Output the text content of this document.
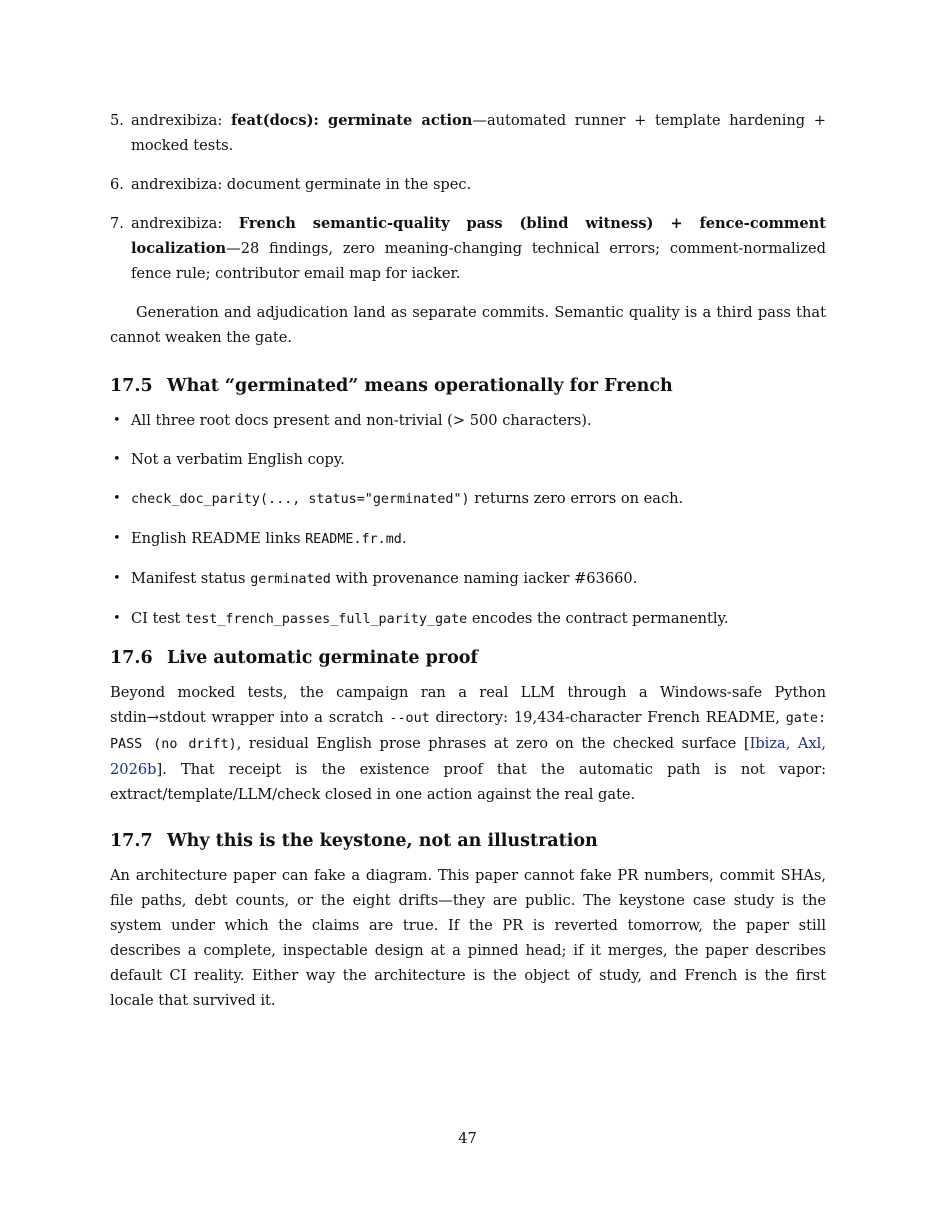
5. andrexibiza: feat(docs): germinate action—automated runner + template hardening + mocked tests.
6. andrexibiza: document germinate in the spec.
7. andrexibiza: French semantic-quality pass (blind witness) + fence-comment localization—28 findings, zero meaning-changing technical errors; comment-normalized fence rule; contributor email map for iacker.

Generation and adjudication land as separate commits. Semantic quality is a third pass that cannot weaken the gate.

17.5 What “germinated” means operationally for French
• All three root docs present and non-trivial (> 500 characters).
• Not a verbatim English copy.
• check_doc_parity(..., status="germinated") returns zero errors on each.
• English README links README.fr.md.
• Manifest status germinated with provenance naming iacker #63660.
• CI test test_french_passes_full_parity_gate encodes the contract permanently.
17.6 Live automatic germinate proof

Beyond mocked tests, the campaign ran a real LLM through a Windows-safe Python stdin→stdout wrapper into a scratch --out directory: 19,434-character French README, gate: PASS (no drift), residual English prose phrases at zero on the checked surface [Ibiza, Axl, 2026b]. That receipt is the existence proof that the automatic path is not vapor: extract/template/LLM/check closed in one action against the real gate.

17.7 Why this is the keystone, not an illustration

An architecture paper can fake a diagram. This paper cannot fake PR numbers, commit SHAs, file paths, debt counts, or the eight drifts—they are public. The keystone case study is the system under which the claims are true. If the PR is reverted tomorrow, the paper still describes a complete, inspectable design at a pinned head; if it merges, the paper describes default CI reality. Either way the architecture is the object of study, and French is the first locale that survived it.

47
